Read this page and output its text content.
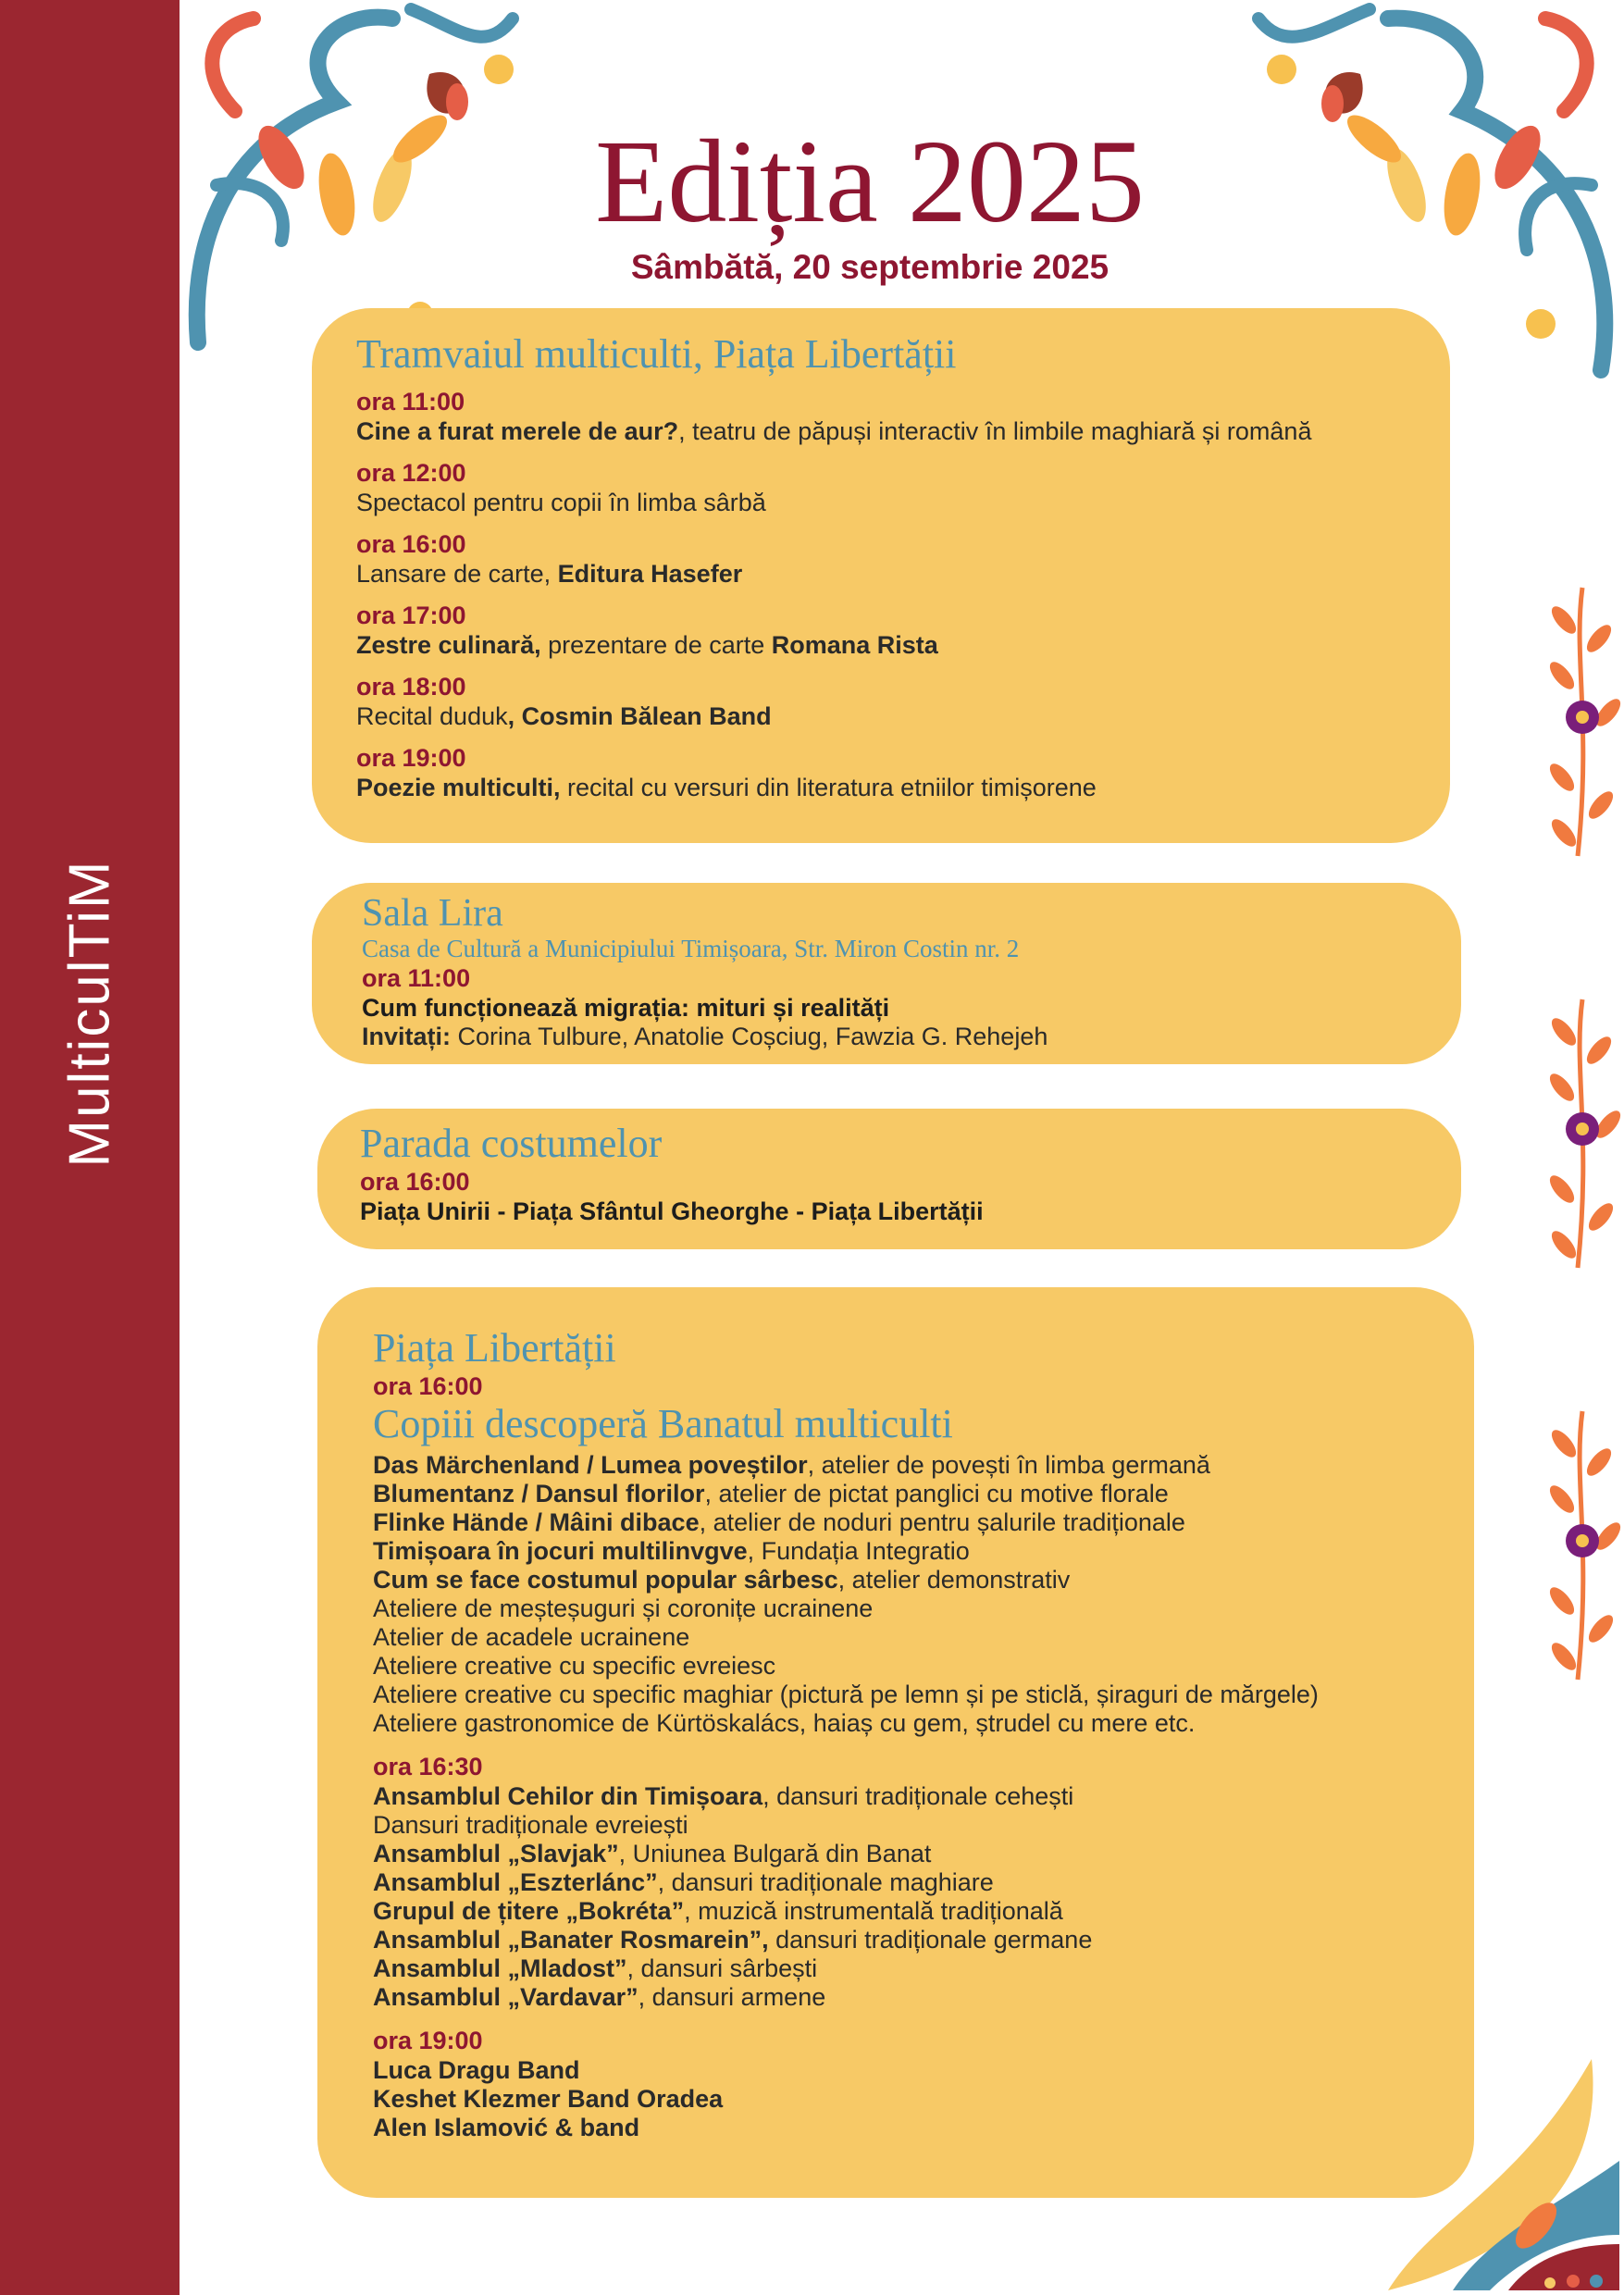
MulticulTiM
Ediția 2025
Sâmbătă, 20 septembrie 2025
Tramvaiul multiculti, Piața Libertății
ora 11:00
Cine a furat merele de aur?, teatru de păpuși interactiv în limbile maghiară și română
ora 12:00
Spectacol pentru copii în limba sârbă
ora 16:00
Lansare de carte, Editura Hasefer
ora 17:00
Zestre culinară, prezentare de carte Romana Rista
ora 18:00
Recital duduk, Cosmin Bălean Band
ora 19:00
Poezie multiculti, recital cu versuri din literatura etniilor timișorene
Sala Lira
Casa de Cultură a Municipiului Timișoara, Str. Miron Costin nr. 2
ora 11:00
Cum funcționează migrația: mituri și realități
Invitați: Corina Tulbure, Anatolie Coșciug, Fawzia G. Rehejeh
Parada costumelor
ora 16:00
Piața Unirii - Piața Sfântul Gheorghe - Piața Libertății
Piața Libertății
ora 16:00
Copiii descoperă Banatul multiculti
Das Märchenland / Lumea poveștilor, atelier de povești în limba germană
Blumentanz / Dansul florilor, atelier de pictat panglici cu motive florale
Flinke Hände / Mâini dibace, atelier de noduri pentru șalurile tradiționale
Timișoara în jocuri multilinvgve, Fundația Integratio
Cum se face costumul popular sârbesc, atelier demonstrativ
Ateliere de meșteșuguri și coronițe ucrainene
Atelier de acadele ucrainene
Ateliere creative cu specific evreiesc
Ateliere creative cu specific maghiar (pictură pe lemn și pe sticlă, șiraguri de mărgele)
Ateliere gastronomice de Kürtöskalács, haiaș cu gem, ștrudel cu mere etc.
ora 16:30
Ansamblul Cehilor din Timișoara, dansuri tradiționale cehești
Dansuri tradiționale evreiești
Ansamblul „Slavjak”, Uniunea Bulgară din Banat
Ansamblul „Eszterlánc”, dansuri tradiționale maghiare
Grupul de țitere „Bokréta”, muzică instrumentală tradițională
Ansamblul „Banater Rosmarein”, dansuri tradiționale germane
Ansamblul „Mladost”, dansuri sârbești
Ansamblul „Vardavar”, dansuri armene
ora 19:00
Luca Dragu Band
Keshet Klezmer Band Oradea
Alen Islamović & band
